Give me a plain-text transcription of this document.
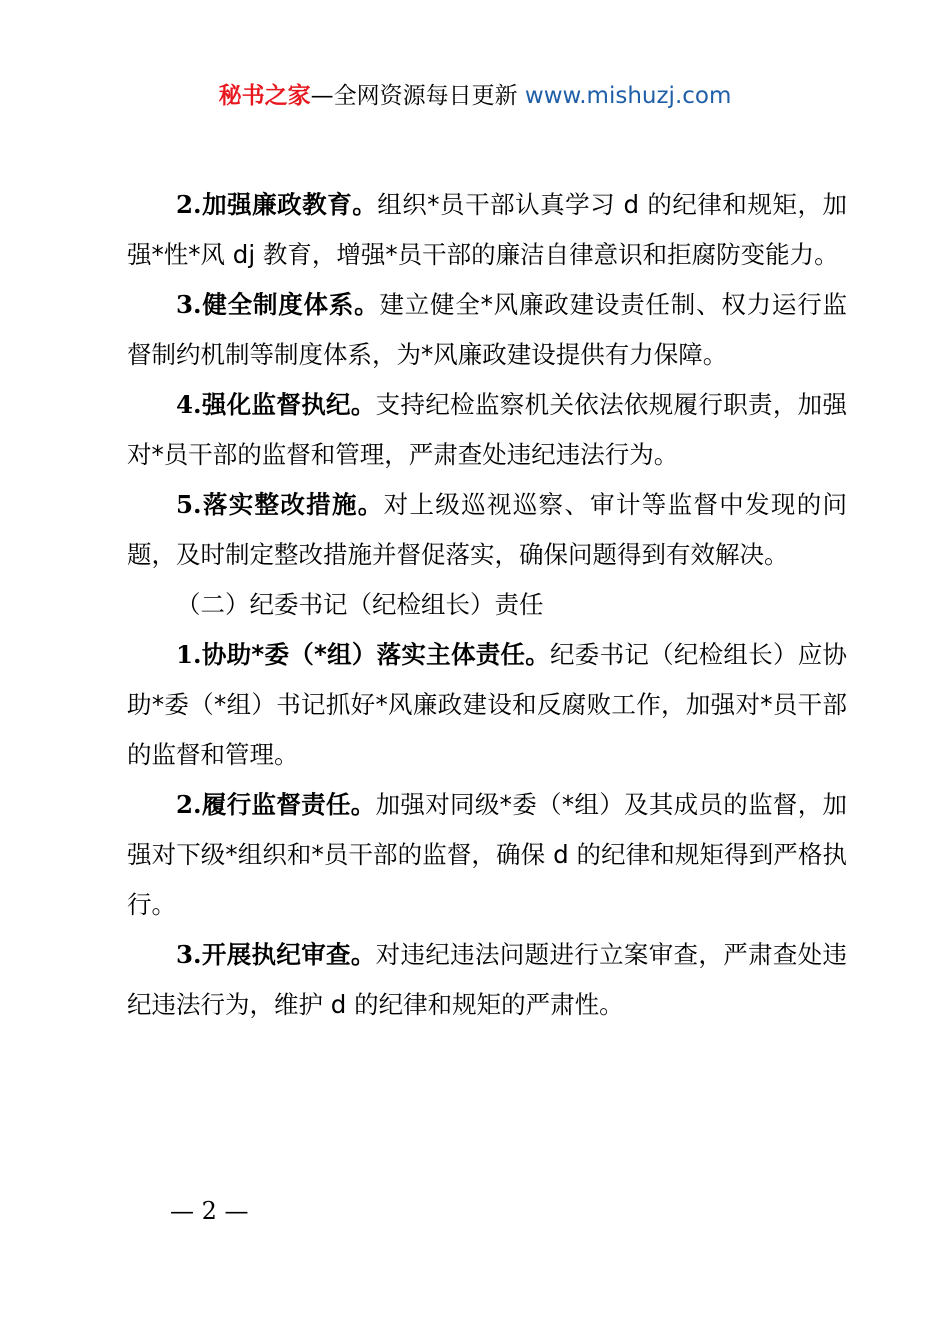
秘书之家—全网资源每日更新 www.mishuzj.com

2.加强廉政教育。组织*员干部认真学习 d 的纪律和规矩，加强*性*风 dj 教育，增强*员干部的廉洁自律意识和拒腐防变能力。

3.健全制度体系。建立健全*风廉政建设责任制、权力运行监督制约机制等制度体系，为*风廉政建设提供有力保障。

4.强化监督执纪。支持纪检监察机关依法依规履行职责，加强对*员干部的监督和管理，严肃查处违纪违法行为。

5.落实整改措施。对上级巡视巡察、审计等监督中发现的问题，及时制定整改措施并督促落实，确保问题得到有效解决。

（二）纪委书记（纪检组长）责任

1.协助*委（*组）落实主体责任。纪委书记（纪检组长）应协助*委（*组）书记抓好*风廉政建设和反腐败工作，加强对*员干部的监督和管理。

2.履行监督责任。加强对同级*委（*组）及其成员的监督，加强对下级*组织和*员干部的监督，确保 d 的纪律和规矩得到严格执行。

3.开展执纪审查。对违纪违法问题进行立案审查，严肃查处违纪违法行为，维护 d 的纪律和规矩的严肃性。

— 2 —
